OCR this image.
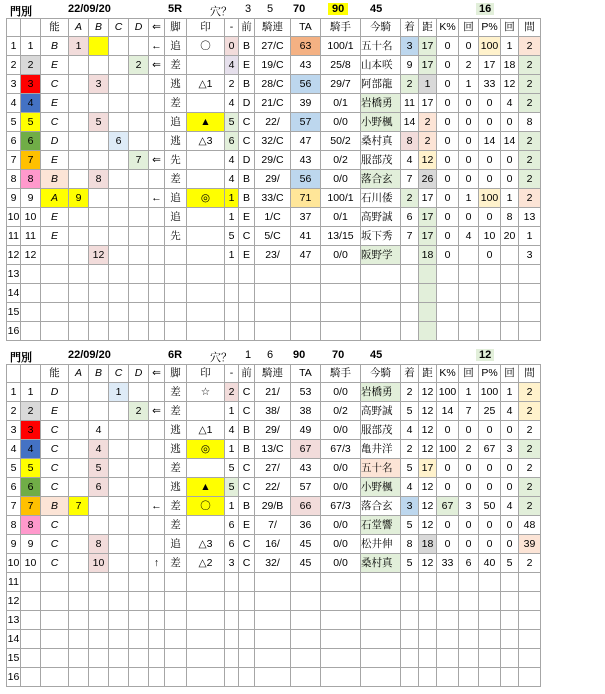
門別	22/09/20	5R	穴？ 3 5 70	90	45	16
		能	A	B	C	D	⇐	脚	印	-	前	騎連	TA	騎手	今騎	着	距	K%	回	P%	回	間
1	1	B	1				←	追	〇	0	B	27/C	63	100/1	五十名	3	17	0	0	100	1	2
2	2	E				2	⇐	差		4	E	19/C	43	25/8	山本咲	9	17	0	2	17	18	2
3	3	C		3				逃	△1	2	B	28/C	56	29/7	阿部龍	2	1	0	1	33	12	2
4	4	E						差		4	D	21/C	39	0/1	岩橋勇	11	17	0	0	0	4	2
5	5	C		5				追	▲	5	C	22/	57	0/0	小野楓	14	2	0	0	0	0	8
6	6	D			6			逃	△3	6	C	32/C	47	50/2	桑村真	8	2	0	0	14	14	2
7	7	E				7	⇐	先		4	D	29/C	43	0/2	服部茂	4	12	0	0	0	0	2
8	8	B		8				差		4	B	29/	56	0/0	落合玄	7	26	0	0	0	0	2
9	9	A	9				←	追	◎	1	B	33/C	71	100/1	石川倭	2	17	0	1	100	1	2
10	10	E						追		1	E	1/C	37	0/1	高野誠	6	17	0	0	0	8	13
11	11	E						先		5	C	5/C	41	13/15	坂下秀	7	17	0	4	10	20	1
12	12			12						1	E	23/	47	0/0	阪野学		18	0		0		3
13																						
14																						
15																						
16																						
門別	22/09/20	6R	穴？ 1 6 90 70 45	12
		能	A	B	C	D	⇐	脚	印	-	前	騎連	TA	騎手	今騎	着	距	K%	回	P%	回	間
1	1	D			1			差	☆	2	C	21/	53	0/0	岩橋勇	2	12	100	1	100	1	2
2	2	E				2	⇐	差		1	C	38/	38	0/2	高野誠	5	12	14	7	25	4	2
3	3	C		4				逃	△1	4	B	29/	49	0/0	服部茂	4	12	0	0	0	0	2
4	4	C		4				逃	◎	1	B	13/C	67	67/3	亀井洋	2	12	100	2	67	3	2
5	5	C		5				差		5	C	27/	43	0/0	五十名	5	17	0	0	0	0	2
6	6	C		6				逃	▲	5	C	22/	57	0/0	小野楓	4	12	0	0	0	0	2
7	7	B	7				←	差	〇	1	B	29/B	66	67/3	落合玄	3	12	67	3	50	4	2
8	8	C						差		6	E	7/	36	0/0	石堂響	5	12	0	0	0	0	48
9	9	C		8				追	△3	6	C	16/	45	0/0	松井伸	8	18	0	0	0	0	39
10	10	C		10			↑	差	△2	3	C	32/	45	0/0	桑村真	5	12	33	6	40	5	2
11																						
12																						
13																						
14																						
15																						
16																						
